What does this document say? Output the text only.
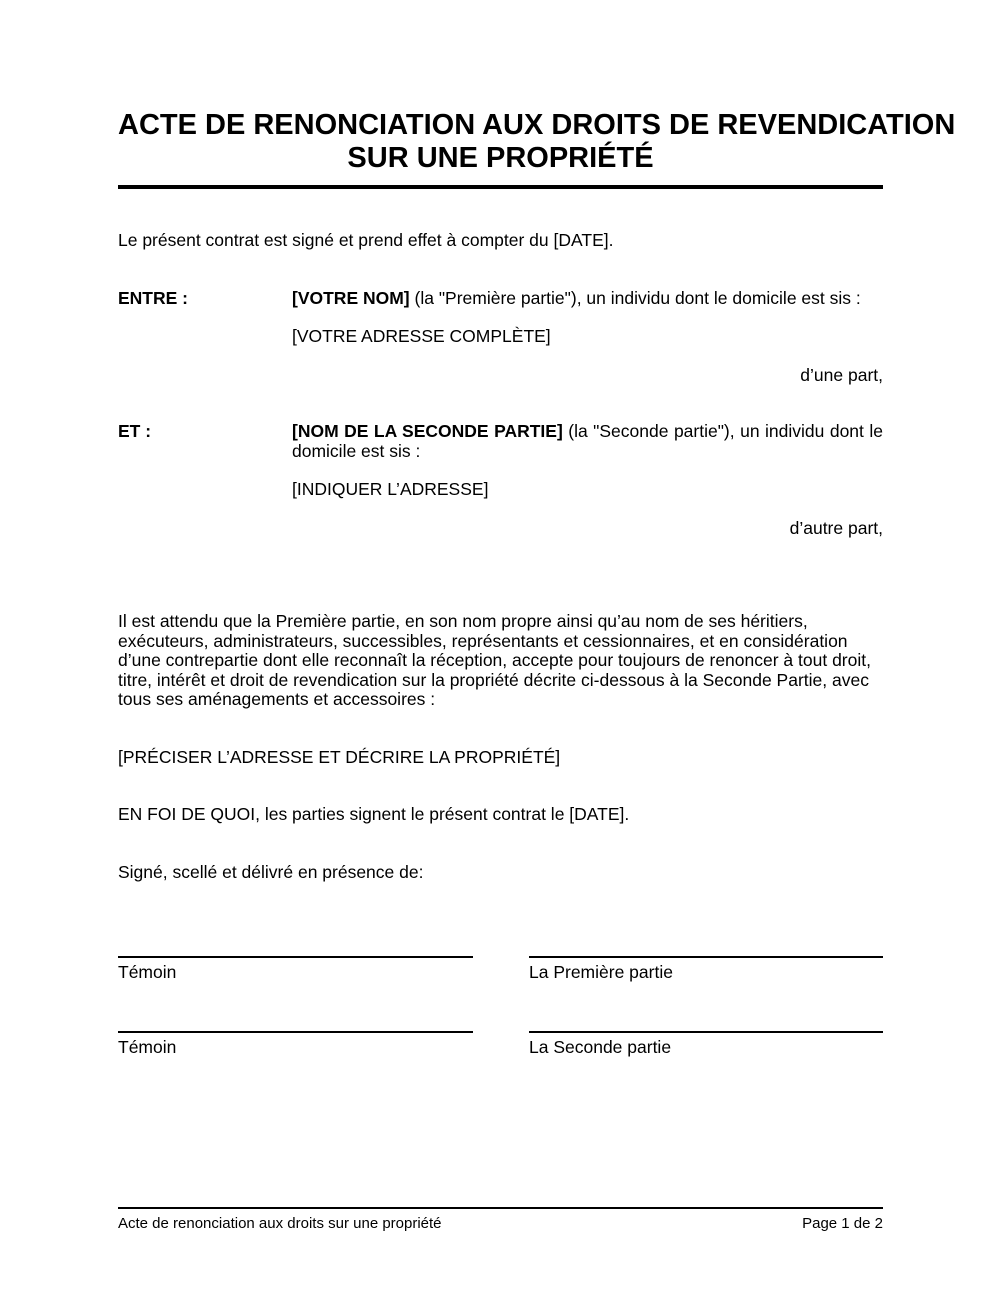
ACTE DE RENONCIATION AUX DROITS DE REVENDICATION
SUR UNE PROPRIÉTÉ

Le présent contrat est signé et prend effet à compter du [DATE].

ENTRE :	[VOTRE NOM] (la "Première partie"), un individu dont le domicile est sis :

[VOTRE ADRESSE COMPLÈTE]

d’une part,

ET :	[NOM DE LA SECONDE PARTIE] (la "Seconde partie"), un individu dont le domicile est sis :

[INDIQUER L’ADRESSE]

d’autre part,

Il est attendu que la Première partie, en son nom propre ainsi qu’au nom de ses héritiers, exécuteurs, administrateurs, successibles, représentants et cessionnaires, et en considération d’une contrepartie dont elle reconnaît la réception, accepte pour toujours de renoncer à tout droit, titre, intérêt et droit de revendication sur la propriété décrite ci-dessous à la Seconde Partie, avec tous ses aménagements et accessoires :

[PRÉCISER L’ADRESSE ET DÉCRIRE LA PROPRIÉTÉ]

EN FOI DE QUOI, les parties signent le présent contrat le [DATE].

Signé, scellé et délivré en présence de:

Témoin	La Première partie
Témoin	La Seconde partie
Acte de renonciation aux droits sur une propriété	Page 1 de 2
